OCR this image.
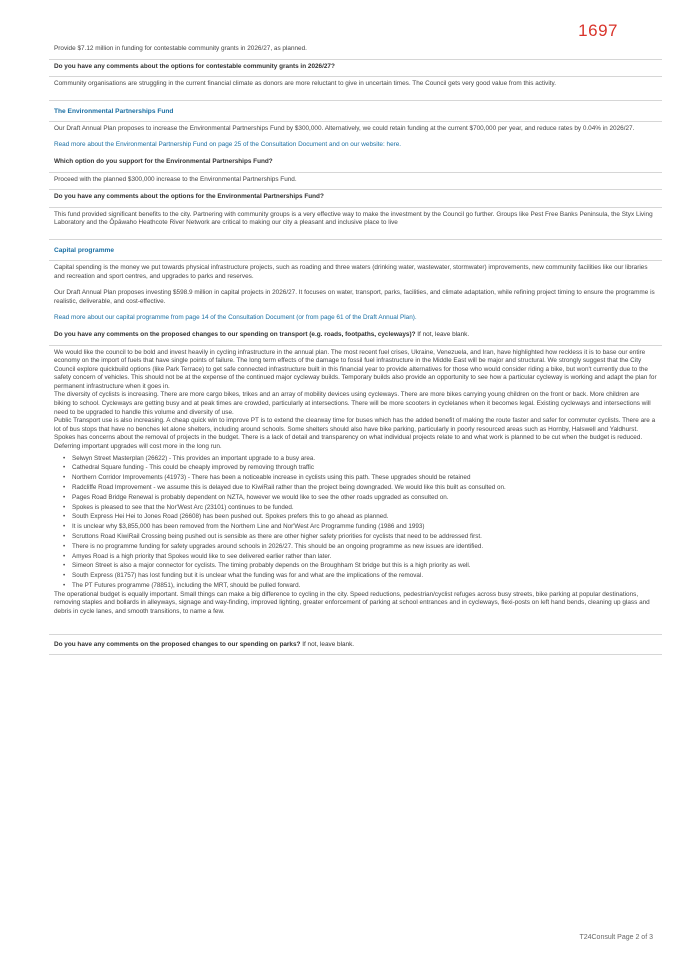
1697

Provide $7.12 million in funding for contestable community grants in 2026/27, as planned.

Do you have any comments about the options for contestable community grants in 2026/27?

Community organisations are struggling in the current financial climate as donors are more reluctant to give in uncertain times. The Council gets very good value from this activity.

The Environmental Partnerships Fund

Our Draft Annual Plan proposes to increase the Environmental Partnerships Fund by $300,000. Alternatively, we could retain funding at the current $700,000 per year, and reduce rates by 0.04% in 2026/27.

Read more about the Environmental Partnership Fund on page 25 of the Consultation Document and on our website: here.

Which option do you support for the Environmental Partnerships Fund?

Proceed with the planned $300,000 increase to the Environmental Partnerships Fund.

Do you have any comments about the options for the Environmental Partnerships Fund?

This fund provided significant benefits to the city. Partnering with community groups is a very effective way to make the investment by the Council go further. Groups like Pest Free Banks Peninsula, the Styx Living Laboratory and the Ōpāwaho Heathcote River Network are critical to making our city a pleasant and inclusive place to live

Capital programme

Capital spending is the money we put towards physical infrastructure projects, such as roading and three waters (drinking water, wastewater, stormwater) improvements, new community facilities like our libraries and recreation and sport centres, and upgrades to parks and reserves.

Our Draft Annual Plan proposes investing $598.9 million in capital projects in 2026/27. It focuses on water, transport, parks, facilities, and climate adaptation, while refining project timing to ensure the programme is realistic, deliverable, and cost-effective.

Read more about our capital programme from page 14 of the Consultation Document (or from page 61 of the Draft Annual Plan).

Do you have any comments on the proposed changes to our spending on transport (e.g. roads, footpaths, cycleways)? If not, leave blank.

We would like the council to be bold and invest heavily in cycling infrastructure in the annual plan. The most recent fuel crises, Ukraine, Venezuela, and Iran, have highlighted how reckless it is to base our entire economy on the import of fuels that have single points of failure. The long term effects of the damage to fossil fuel infrastructure in the Middle East will be major and structural. We strongly suggest that the City Council explore quickbuild options (like Park Terrace) to get safe connected infrastructure built in this financial year to provide alternatives for those who would consider riding a bike, but won't currently due to the safety concern of vehicles. This should not be at the expense of the continued major cycleway builds. Temporary builds also provide an opportunity to see how a particular cycleway is working and adapt the plan for permanent infrastructure when it goes in.

The diversity of cyclists is increasing. There are more cargo bikes, trikes and an array of mobility devices using cycleways. There are more bikes carrying young children on the front or back. More children are biking to school. Cycleways are getting busy and at peak times are crowded, particularly at intersections. There will be more scooters in cyclelanes when it becomes legal. Existing cycleways and intersections will need to be upgraded to handle this volume and diversity of use.

Public Transport use is also increasing. A cheap quick win to improve PT is to extend the clearway time for buses which has the added benefit of making the route faster and safer for commuter cyclists. There are a lot of bus stops that have no benches let alone shelters, including around schools. Some shelters should also have bike parking, particularly in poorly resourced areas such as Hornby, Halswell and Yaldhurst.

Spokes has concerns about the removal of projects in the budget. There is a lack of detail and transparency on what individual projects relate to and what work is planned to be cut when the budget is reduced. Deferring important upgrades will cost more in the long run.

• Selwyn Street Masterplan (26622) - This provides an important upgrade to a busy area.
• Cathedral Square funding - This could be cheaply improved by removing through traffic
• Northern Corridor Improvements (41973) - There has been a noticeable increase in cyclists using this path. These upgrades should be retained
• Radcliffe Road Improvement - we assume this is delayed due to KiwiRail rather than the project being downgraded. We would like this built as consulted on.
• Pages Road Bridge Renewal is probably dependent on NZTA, however we would like to see the other roads upgraded as consulted on.
• Spokes is pleased to see that the Nor'West Arc (23101) continues to be funded.
• South Express Hei Hei to Jones Road (26608) has been pushed out. Spokes prefers this to go ahead as planned.
• It is unclear why $3,855,000 has been removed from the Northern Line and Nor'West Arc Programme funding (1986 and 1993)
• Scruttons Road KiwiRail Crossing being pushed out is sensible as there are other higher safety priorities for cyclists that need to be addressed first.
• There is no programme funding for safety upgrades around schools in 2026/27. This should be an ongoing programme as new issues are identified.
• Amyes Road is a high priority that Spokes would like to see delivered earlier rather than later.
• Simeon Street is also a major connector for cyclists. The timing probably depends on the Broughham St bridge but this is a high priority as well.
• South Express (81757) has lost funding but it is unclear what the funding was for and what are the implications of the removal.
• The PT Futures programme (78851), including the MRT, should be pulled forward.

The operational budget is equally important. Small things can make a big difference to cycling in the city. Speed reductions, pedestrian/cyclist refuges across busy streets, bike parking at popular destinations, removing staples and bollards in alleyways, signage and way-finding, improved lighting, greater enforcement of parking at school entrances and in cycleways, flexi-posts on left hand bends, cleaning up glass and debris in cycle lanes, and smooth transitions, to name a few.

Do you have any comments on the proposed changes to our spending on parks? If not, leave blank.

T24Consult Page 2 of 3
